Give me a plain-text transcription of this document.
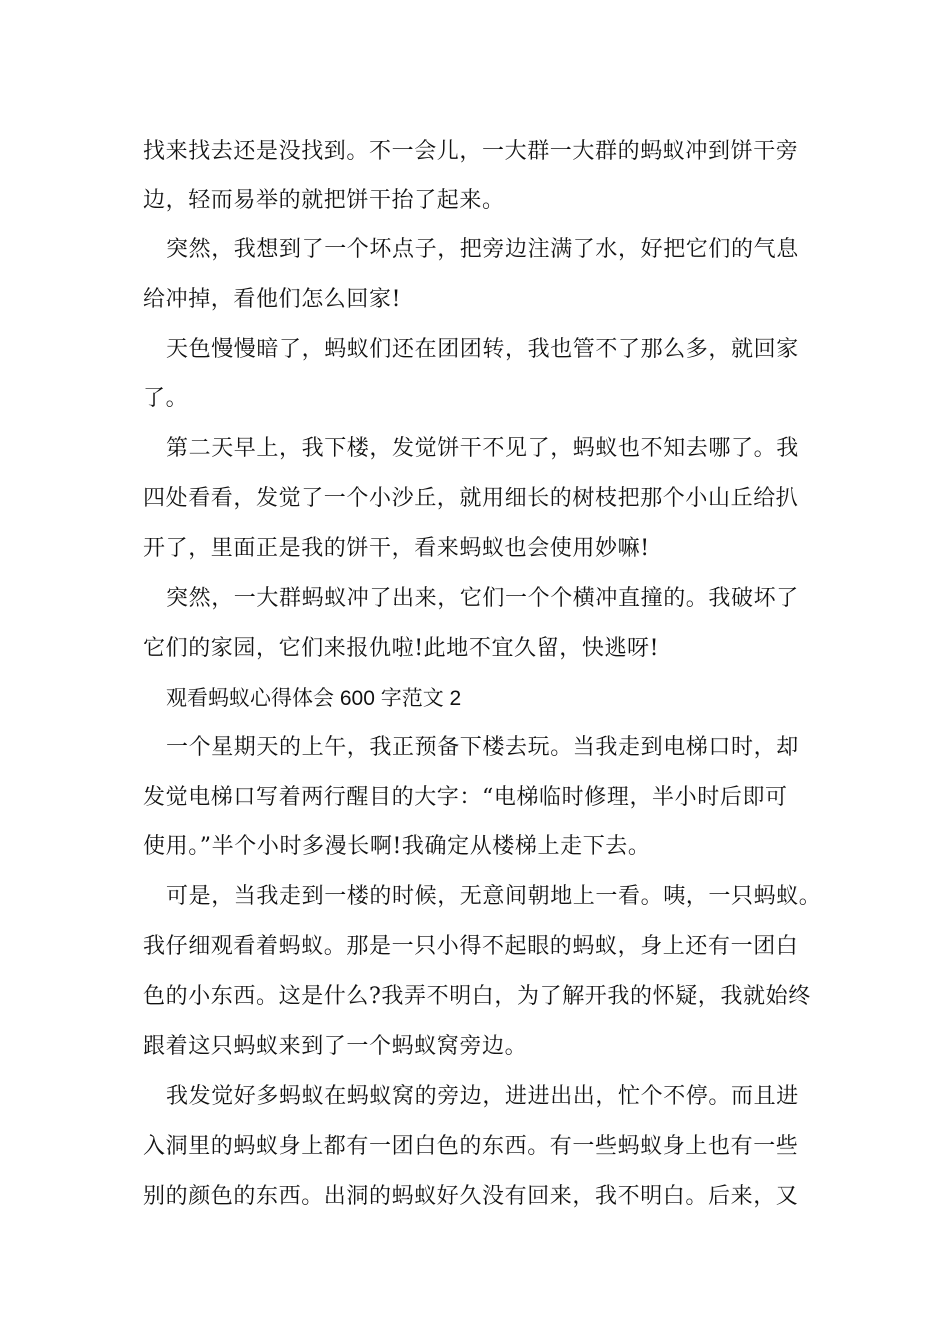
找来找去还是没找到。不一会儿，一大群一大群的蚂蚁冲到饼干旁
边，轻而易举的就把饼干抬了起来。
突然，我想到了一个坏点子，把旁边注满了水，好把它们的气息
给冲掉，看他们怎么回家!
天色慢慢暗了，蚂蚁们还在团团转，我也管不了那么多，就回家
了。
第二天早上，我下楼，发觉饼干不见了，蚂蚁也不知去哪了。我
四处看看，发觉了一个小沙丘，就用细长的树枝把那个小山丘给扒
开了，里面正是我的饼干，看来蚂蚁也会使用妙嘛!
突然，一大群蚂蚁冲了出来，它们一个个横冲直撞的。我破坏了
它们的家园，它们来报仇啦!此地不宜久留，快逃呀!
观看蚂蚁心得体会 600 字范文 2
一个星期天的上午，我正预备下楼去玩。当我走到电梯口时，却
发觉电梯口写着两行醒目的大字：“电梯临时修理，半小时后即可
使用。”半个小时多漫长啊!我确定从楼梯上走下去。
可是，当我走到一楼的时候，无意间朝地上一看。咦，一只蚂蚁。
我仔细观看着蚂蚁。那是一只小得不起眼的蚂蚁，身上还有一团白
色的小东西。这是什么?我弄不明白，为了解开我的怀疑，我就始终
跟着这只蚂蚁来到了一个蚂蚁窝旁边。
我发觉好多蚂蚁在蚂蚁窝的旁边，进进出出，忙个不停。而且进
入洞里的蚂蚁身上都有一团白色的东西。有一些蚂蚁身上也有一些
别的颜色的东西。出洞的蚂蚁好久没有回来，我不明白。后来，又
